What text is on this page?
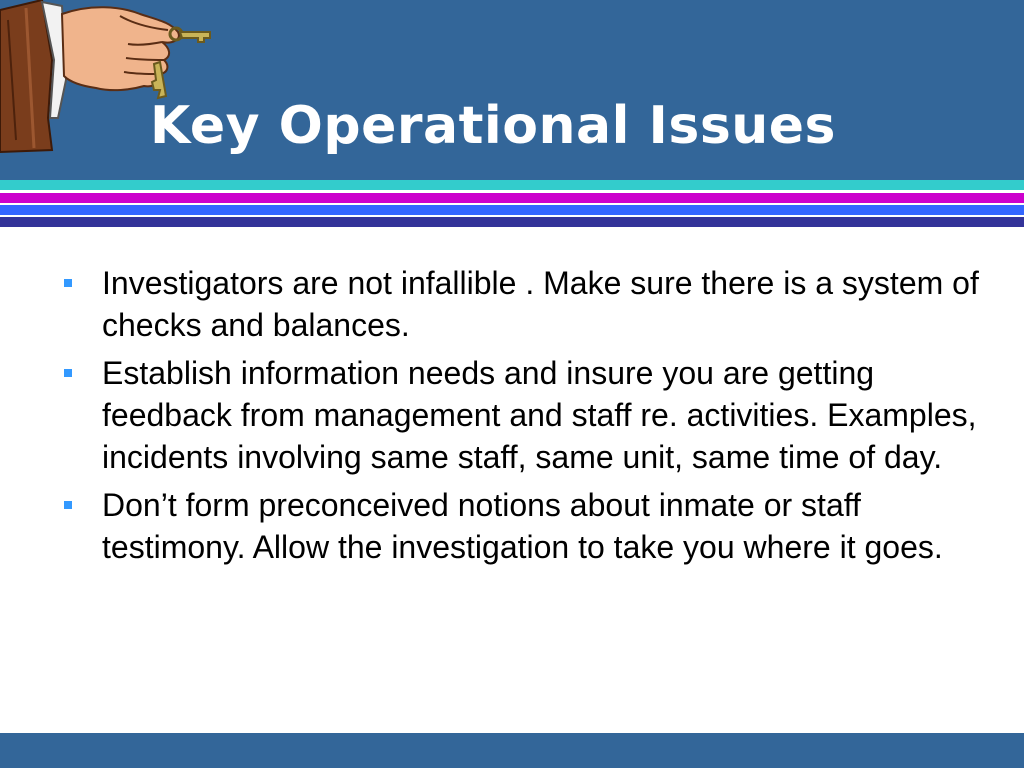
Key Operational Issues
Investigators are not infallible . Make sure there is a system of checks and balances.
Establish information needs and insure you are getting feedback from management and staff re. activities. Examples, incidents involving same staff, same unit, same time of day.
Don’t form preconceived notions about inmate or staff testimony. Allow the investigation to take you where it goes.
